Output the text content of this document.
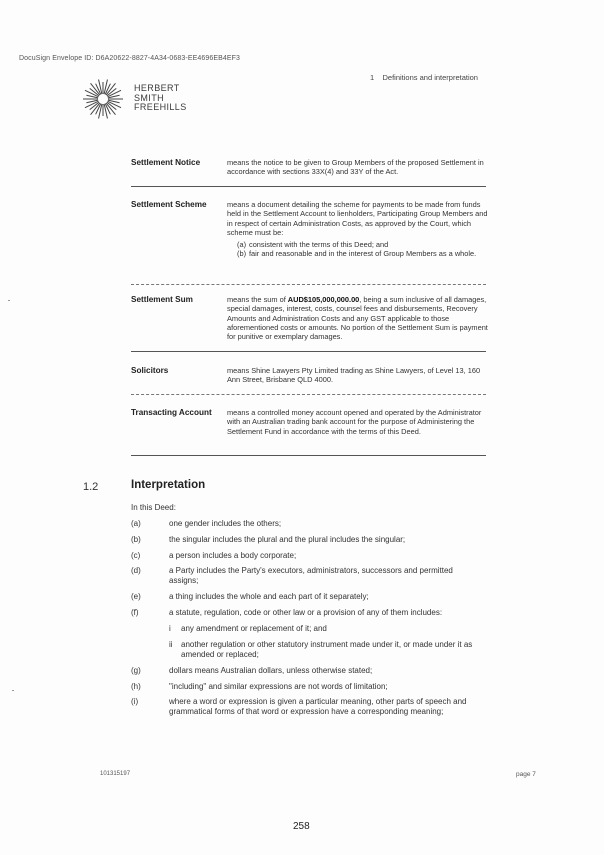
DocuSign Envelope ID: D6A20622-8827-4A34-0683-EE4696EB4EF3
1    Definitions and interpretation
HERBERT
SMITH
FREEHILLS
Settlement Notice	means the notice to be given to Group Members of the proposed Settlement in accordance with sections 33X(4) and 33Y of the Act.
Settlement Scheme	means a document detailing the scheme for payments to be made from funds held in the Settlement Account to lienholders, Participating Group Members and in respect of certain Administration Costs, as approved by the Court, which scheme must be:
(a) consistent with the terms of this Deed; and
(b) fair and reasonable and in the interest of Group Members as a whole.
Settlement Sum	means the sum of AUD$105,000,000.00, being a sum inclusive of all damages, special damages, interest, costs, counsel fees and disbursements, Recovery Amounts and Administration Costs and any GST applicable to those aforementioned costs or amounts. No portion of the Settlement Sum is payment for punitive or exemplary damages.
Solicitors	means Shine Lawyers Pty Limited trading as Shine Lawyers, of Level 13, 160 Ann Street, Brisbane QLD 4000.
Transacting Account	means a controlled money account opened and operated by the Administrator with an Australian trading bank account for the purpose of Administering the Settlement Fund in accordance with the terms of this Deed.
1.2	Interpretation
In this Deed:
(a)	one gender includes the others;
(b)	the singular includes the plural and the plural includes the singular;
(c)	a person includes a body corporate;
(d)	a Party includes the Party's executors, administrators, successors and permitted assigns;
(e)	a thing includes the whole and each part of it separately;
(f)	a statute, regulation, code or other law or a provision of any of them includes:
i any amendment or replacement of it; and
ii another regulation or other statutory instrument made under it, or made under it as amended or replaced;
(g)	dollars means Australian dollars, unless otherwise stated;
(h)	"including" and similar expressions are not words of limitation;
(i)	where a word or expression is given a particular meaning, other parts of speech and grammatical forms of that word or expression have a corresponding meaning;
101315197	page 7
258
